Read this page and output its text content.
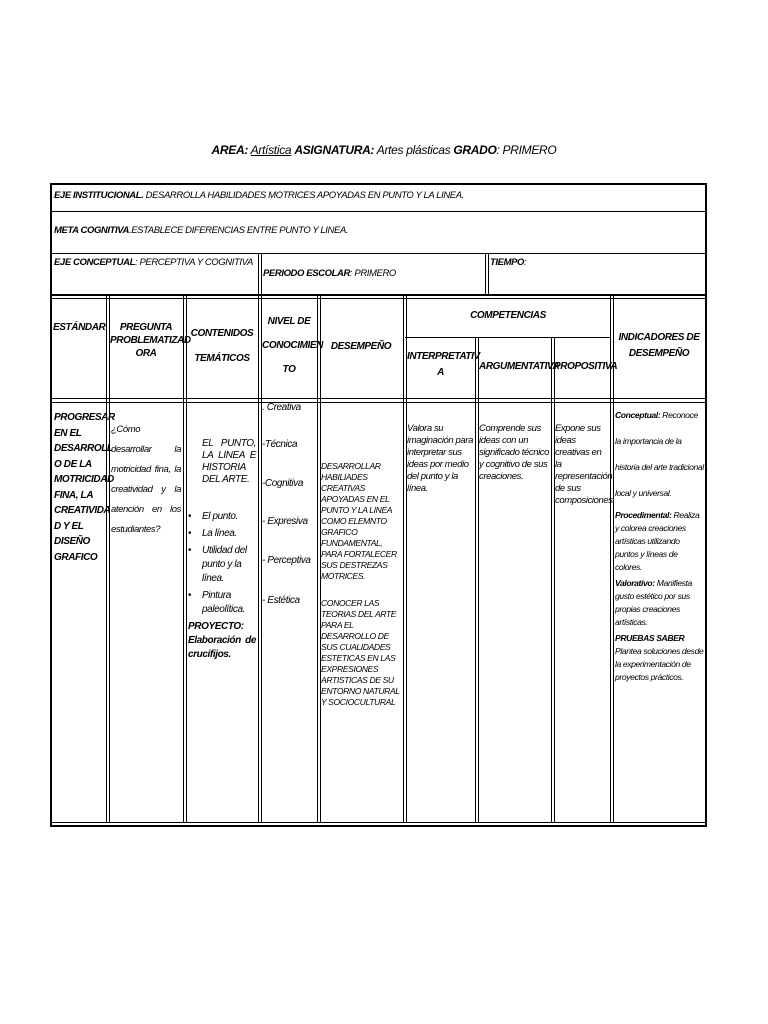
AREA: Artística ASIGNATURA: Artes plásticas GRADO: PRIMERO
EJE INSTITUCIONAL. DESARROLLA HABILIDADES MOTRICES APOYADAS EN PUNTO Y LA LINEA.
META COGNITIVA.ESTABLECE DIFERENCIAS ENTRE PUNTO Y LINEA.
EJE CONCEPTUAL: PERCEPTIVA Y COGNITIVA
PERIODO ESCOLAR: PRIMERO
TIEMPO:
ESTÁNDAR	PREGUNTA PROBLEMATIZAD ORA
CONTENIDOS TEMÁTICOS
NIVEL DE CONOCIMIEN TO
DESEMPEÑO
COMPETENCIAS
INTERPRETATIV A
ARGUMENTATIVA
PROPOSITIVA
INDICADORES DE DESEMPEÑO
PROGRESAR EN EL DESARROLL O DE LA MOTRICIDAD FINA, LA CREATIVIDA D Y EL DISEÑO GRAFICO
¿Cómo desarrollar la motricidad fina, la creatividad y la atención en los estudiantes?
EL PUNTO, LA LINEA E HISTORIA DEL ARTE.
• El punto.
• La línea.
• Utilidad del punto y la línea.
• Pintura paleolítica.
PROYECTO:
Elaboración de crucifijos.
. Creativa
-Técnica
-Cognitiva
- Expresiva
- Perceptiva
- Estética
DESARROLLAR HABILIADES CREATIVAS APOYADAS EN EL PUNTO Y LA LINEA COMO ELEMNTO GRAFICO FUNDAMENTAL, PARA FORTALECER SUS DESTREZAS MOTRICES.
CONOCER LAS TEORIAS DEL ARTE PARA EL DESARROLLO DE SUS CUALIDADES ESTETICAS EN LAS EXPRESIONES ARTISTICAS DE SU ENTORNO NATURAL Y SOCIOCULTURAL
Valora su imaginación para interpretar sus ideas por medio del punto y la línea.
Comprende sus ideas con un significado técnico y cognitivo de sus creaciones.
Expone sus ideas creativas en la representación de sus composiciones.
Conceptual: Reconoce la importancia de la historia del arte tradicional local y universal.
Procedimental: Realiza y colorea creaciones artísticas utilizando puntos y líneas de colores.
Valorativo: Manifiesta gusto estético por sus propias creaciones artísticas.
PRUEBAS SABER
Plantea soluciones desde la experimentación de proyectos prácticos.
